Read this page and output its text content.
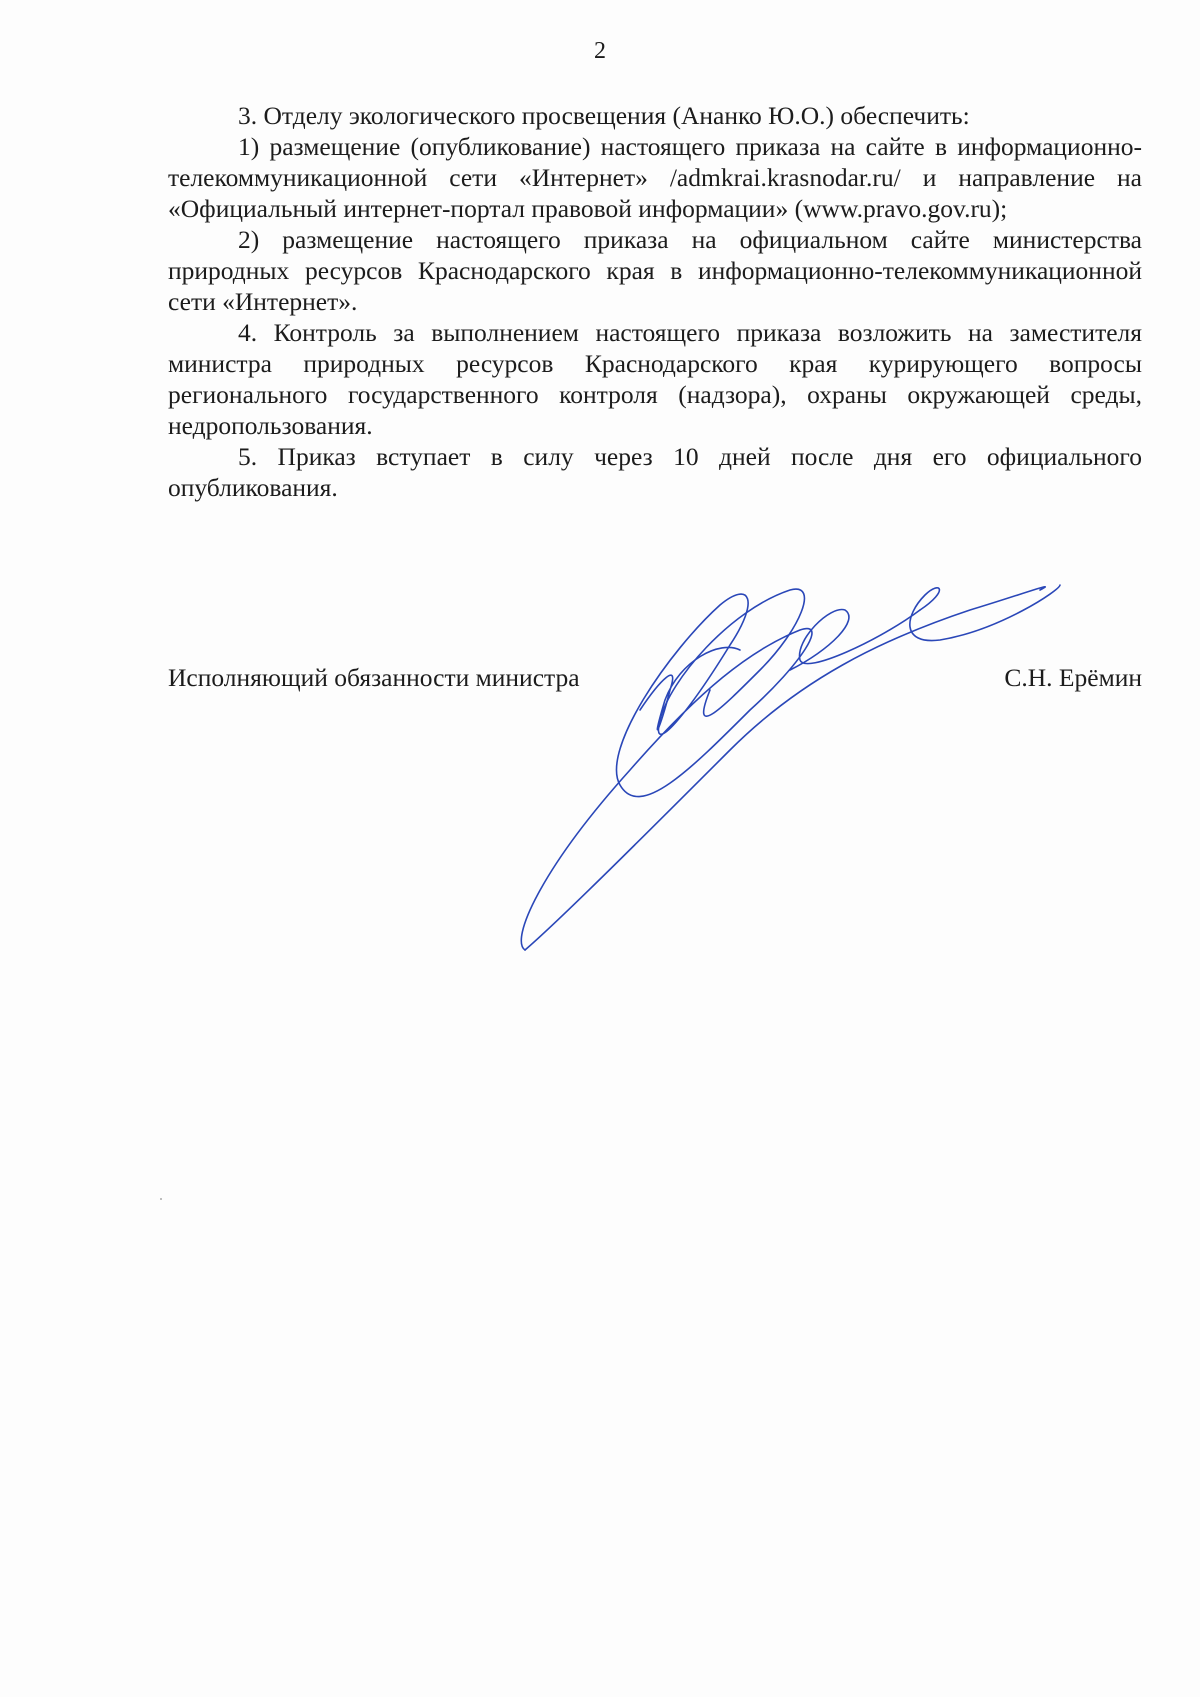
2

3. Отделу экологического просвещения (Ананко Ю.О.) обеспечить:

1) размещение (опубликование) настоящего приказа на сайте в информационно-телекоммуникационной сети «Интернет» /admkrai.krasnodar.ru/ и направление на «Официальный интернет-портал правовой информации» (www.pravo.gov.ru);

2) размещение настоящего приказа на официальном сайте министерства природных ресурсов Краснодарского края в информационно-телекоммуникационной сети «Интернет».

4. Контроль за выполнением настоящего приказа возложить на заместителя министра природных ресурсов Краснодарского края курирующего вопросы регионального государственного контроля (надзора), охраны окружающей среды, недропользования.

5. Приказ вступает в силу через 10 дней после дня его официального опубликования.

Исполняющий обязанности министра	С.Н. Ерёмин
